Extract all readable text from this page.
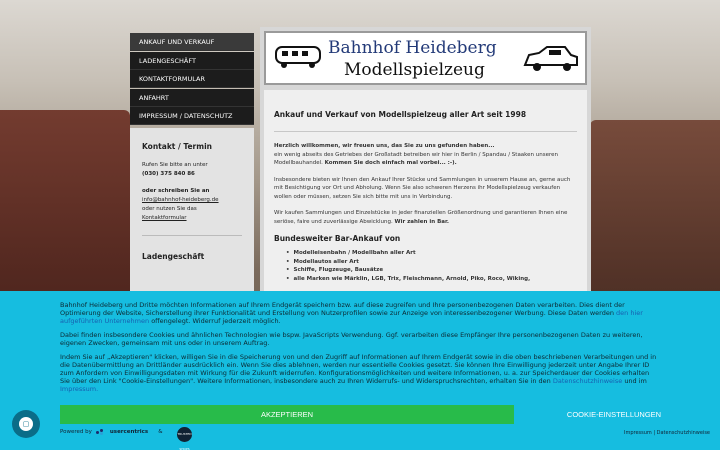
ANKAUF UND VERKAUF
LADENGESCHÄFT
KONTAKTFORMULAR
ANFAHRT
IMPRESSUM / DATENSCHUTZ
Kontakt / Termin

Rufen Sie bitte an unter

(030) 375 840 86

oder schreiben Sie an

info@bahnhof-heideberg.de

oder nutzen Sie das

Kontaktformular

Ladengeschäft
Bahnhof Heideberg
Modellspielzeug
Ankauf und Verkauf von Modellspielzeug aller Art seit 1998

Herzlich willkommen, wir freuen uns, das Sie zu uns gefunden haben...
ein wenig abseits des Getriebes der Großstadt betreiben wir hier in Berlin / Spandau / Staaken unseren Modellbauhandel. Kommen Sie doch einfach mal vorbei... :-).

Insbesondere bieten wir Ihnen den Ankauf Ihrer Stücke und Sammlungen in unserem Hause an, gerne auch mit Besichtigung vor Ort und Abholung. Wenn Sie also schweren Herzens ihr Modellspielzeug verkaufen wollen oder müssen, setzen Sie sich bitte mit uns in Verbindung.

Wir kaufen Sammlungen und Einzelstücke in jeder finanziellen Größenordnung und garantieren Ihnen eine seriöse, faire und zuverlässige Abwicklung. Wir zahlen in Bar.

Bundesweiter Bar-Ankauf von
• Modelleisenbahn / Modellbahn aller Art
• Modellautos aller Art
• Schiffe, Flugzeuge, Bausätze
• alle Marken wie Märklin, LGB, Trix, Fleischmann, Arnold, Piko, Roco, Wiking,

Bahnhof Heideberg und Dritte möchten Informationen auf Ihrem Endgerät speichern bzw. auf diese zugreifen und Ihre personenbezogenen Daten verarbeiten. Dies dient der Optimierung der Website, Sicherstellung ihrer Funktionalität und Erstellung von Nutzerprofilen sowie zur Anzeige von interessenbezogener Werbung. Diese Daten werden den hier aufgeführten Unternehmen offengelegt. Widerruf jederzeit möglich.

Dabei finden insbesondere Cookies und ähnlichen Technologien wie bspw. JavaScripts Verwendung. Ggf. verarbeiten diese Empfänger Ihre personenbezogenen Daten zu weiteren, eigenen Zwecken, gemeinsam mit uns oder in unserem Auftrag.

Indem Sie auf „Akzeptieren" klicken, willigen Sie in die Speicherung von und den Zugriff auf Informationen auf Ihrem Endgerät sowie in die oben beschriebenen Verarbeitungen und in die Datenübermittlung an Drittländer ausdrücklich ein. Wenn Sie dies ablehnen, werden nur essentielle Cookies gesetzt. Sie können Ihre Einwilligung jederzeit unter Angabe Ihrer ID zum Anfordern von Einwilligungsdaten mit Wirkung für die Zukunft widerrufen. Konfigurationsmöglichkeiten und weitere Informationen, u. a. zur Speicherdauer der Cookies erhalten Sie über den Link "Cookie-Einstellungen". Weitere Informationen, insbesondere auch zu Ihren Widerrufs- und Widerspruchsrechten, erhalten Sie in den Datenschutzhinweise und im Impressum.

AKZEPTIEREN	COOKIE-EINSTELLUNGEN
Powered by	usercentrics &	TRUSTED SHOPS
Impressum | Datenschutzhinweise
▢
